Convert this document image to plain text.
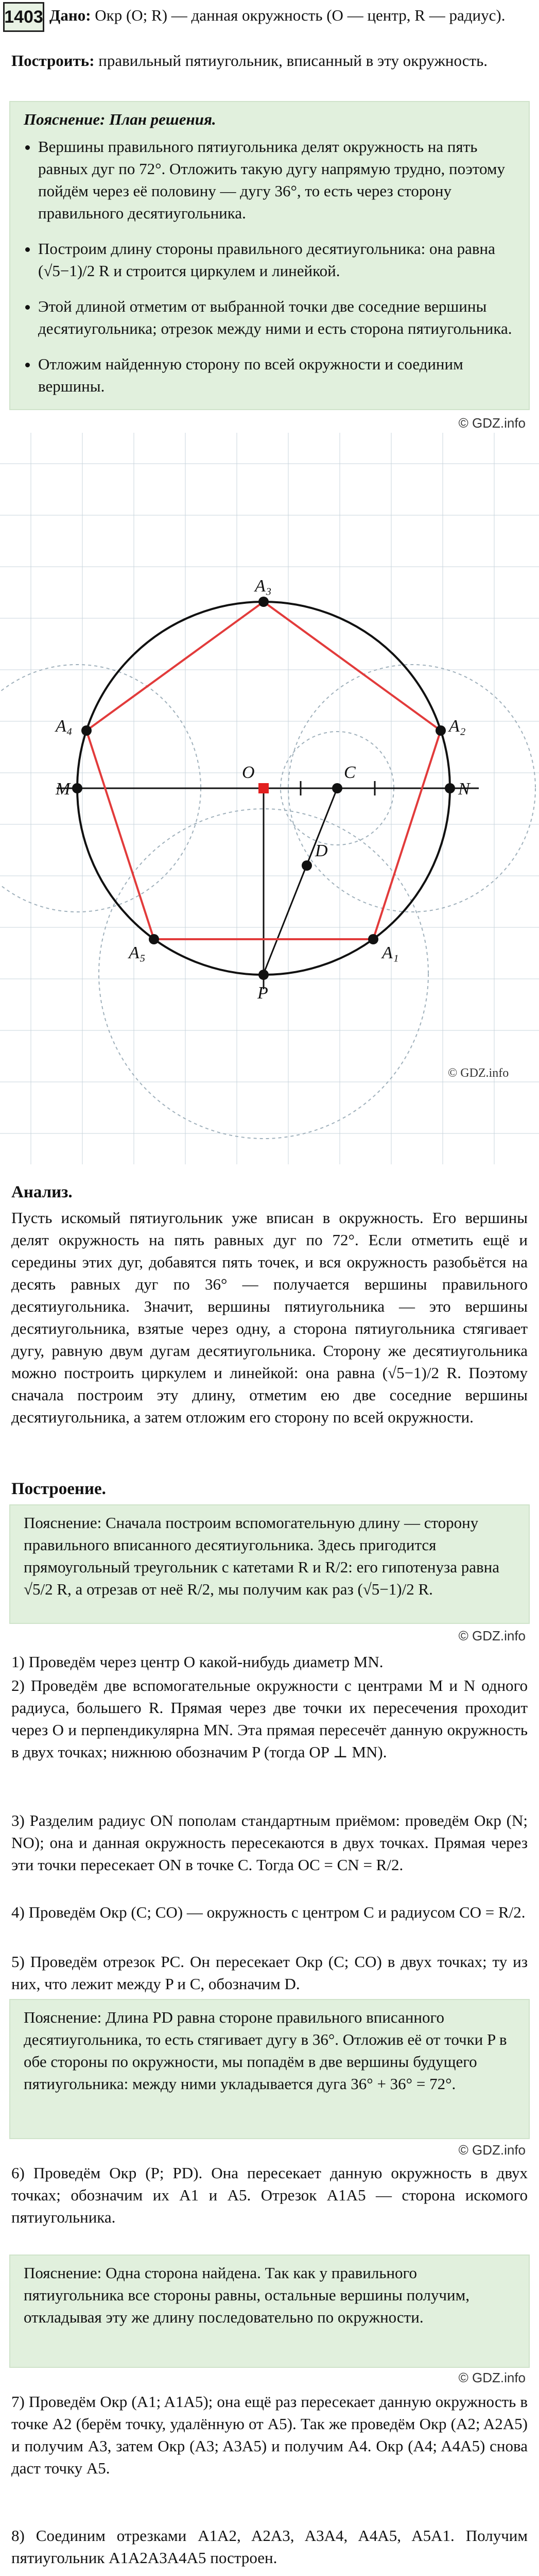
1403 Дано: Окр (O; R) — данная окружность (O — центр, R — радиус).
Построить: правильный пятиугольник, вписанный в эту окружность.
Пояснение: План решения.
• Вершины правильного пятиугольника делят окружность на пять равных дуг по 72°. Отложить такую дугу напрямую трудно, поэтому пойдём через её половину — дугу 36°, то есть через сторону правильного десятиугольника.
• Построим длину стороны правильного десятиугольника: она равна (√5−1)/2 R и строится циркулем и линейкой.
• Этой длиной отметим от выбранной точки две соседние вершины десятиугольника; отрезок между ними и есть сторона пятиугольника.
• Отложим найденную сторону по всей окружности и соединим вершины.
© GDZ.info
A₃
A₂
A₁
A₅
A₄
M	N
O	C
D
P
© GDZ.info
Анализ.
Пусть искомый пятиугольник уже вписан в окружность. Его вершины делят окружность на пять равных дуг по 72°. Если отметить ещё и середины этих дуг, добавятся пять точек, и вся окружность разобьётся на десять равных дуг по 36° — получается вершины правильного десятиугольника. Значит, вершины пятиугольника — это вершины десятиугольника, взятые через одну, а сторона пятиугольника стягивает дугу, равную двум дугам десятиугольника. Сторону же десятиугольника можно построить циркулем и линейкой: она равна (√5−1)/2 R. Поэтому сначала построим эту длину, отметим ею две соседние вершины десятиугольника, а затем отложим его сторону по всей окружности.
Построение.
Пояснение: Сначала построим вспомогательную длину — сторону правильного вписанного десятиугольника. Здесь пригодится прямоугольный треугольник с катетами R и R/2: его гипотенуза равна √5/2 R, а отрезав от неё R/2, мы получим как раз (√5−1)/2 R.
© GDZ.info
1) Проведём через центр O какой-нибудь диаметр MN.
2) Проведём две вспомогательные окружности с центрами M и N одного радиуса, большего R. Прямая через две точки их пересечения проходит через O и перпендикулярна MN. Эта прямая пересечёт данную окружность в двух точках; нижнюю обозначим P (тогда OP ⊥ MN).
3) Разделим радиус ON пополам стандартным приёмом: проведём Окр (N; NO); она и данная окружность пересекаются в двух точках. Прямая через эти точки пересекает ON в точке C. Тогда OC = CN = R/2.
4) Проведём Окр (C; CO) — окружность с центром C и радиусом CO = R/2.
5) Проведём отрезок PC. Он пересекает Окр (C; CO) в двух точках; ту из них, что лежит между P и C, обозначим D.
Пояснение: Длина PD равна стороне правильного вписанного десятиугольника, то есть стягивает дугу в 36°. Отложив её от точки P в обе стороны по окружности, мы попадём в две вершины будущего пятиугольника: между ними укладывается дуга 36° + 36° = 72°.
© GDZ.info
6) Проведём Окр (P; PD). Она пересекает данную окружность в двух точках; обозначим их A1 и A5. Отрезок A1A5 — сторона искомого пятиугольника.
Пояснение: Одна сторона найдена. Так как у правильного пятиугольника все стороны равны, остальные вершины получим, откладывая эту же длину последовательно по окружности.
© GDZ.info
7) Проведём Окр (A1; A1A5); она ещё раз пересекает данную окружность в точке A2 (берём точку, удалённую от A5). Так же проведём Окр (A2; A2A5) и получим A3, затем Окр (A3; A3A5) и получим A4. Окр (A4; A4A5) снова даст точку A5.
8) Соединим отрезками A1A2, A2A3, A3A4, A4A5, A5A1. Получим пятиугольник A1A2A3A4A5 построен.
